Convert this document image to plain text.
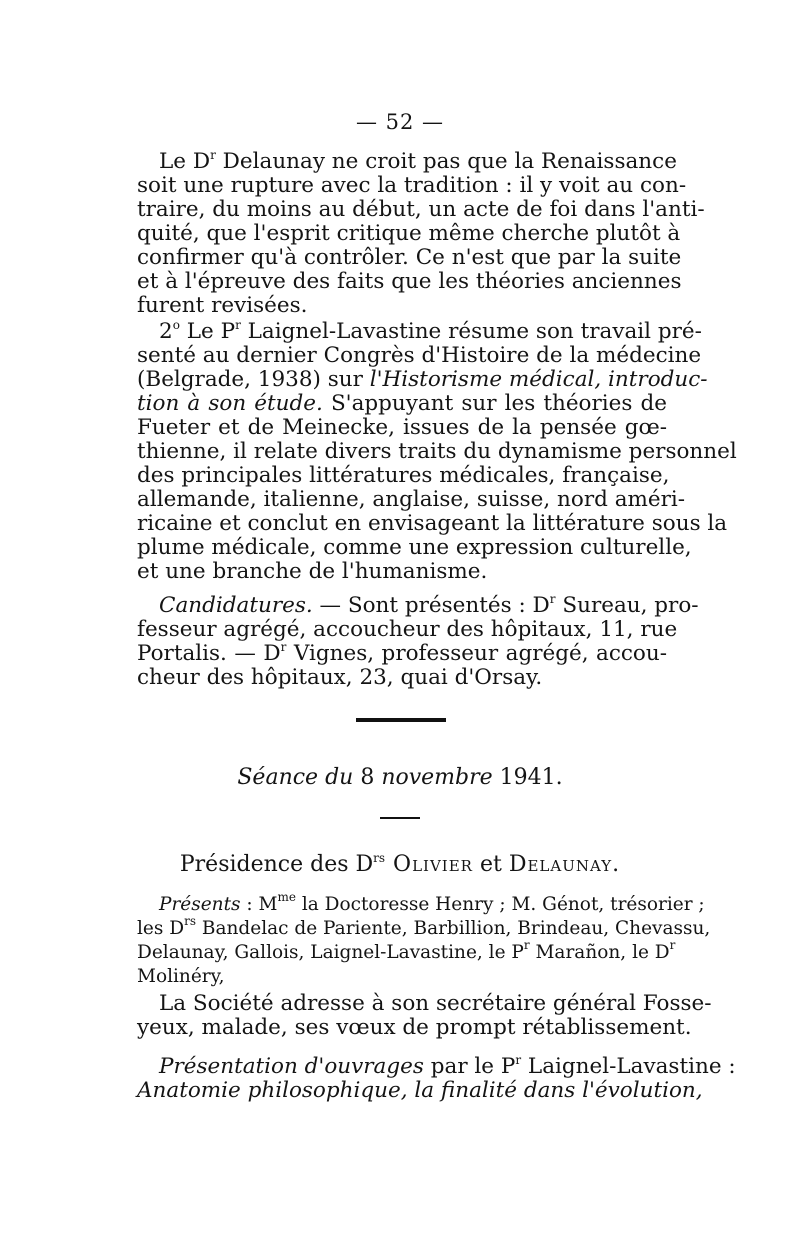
— 52 —
Le $D^r$ Delaunay ne croit pas que la Renaissance
soit une rupture avec la tradition : il y voit au con-
traire, du moins au début, un acte de foi dans l'anti-
quité, que l'esprit critique même cherche plutôt à
confirmer qu'à contrôler. Ce n'est que par la suite
et à l'épreuve des faits que les théories anciennes
furent revisées.
2$^o$ Le $P^r$ Laignel-Lavastine résume son travail pré-
senté au dernier Congrès d'Histoire de la médecine
(Belgrade, 1938) sur l'Historisme médical, introduc-
tion à son étude. S'appuyant sur les théories de
Fueter et de Meinecke, issues de la pensée gœ-
thienne, il relate divers traits du dynamisme personnel
des principales littératures médicales, française,
allemande, italienne, anglaise, suisse, nord améri-
ricaine et conclut en envisageant la littérature sous la
plume médicale, comme une expression culturelle,
et une branche de l'humanisme.
Candidatures. — Sont présentés : $D^r$ Sureau, pro-
fesseur agrégé, accoucheur des hôpitaux, 11, rue
Portalis. — $D^r$ Vignes, professeur agrégé, accou-
cheur des hôpitaux, 23, quai d'Orsay.
Séance du 8 novembre 1941.
Présidence des $D^{rs}$ Olivier et Delaunay.
Présents : $M^{me}$ la Doctoresse Henry ; M. Génot, trésorier ;
les $D^{rs}$ Bandelac de Pariente, Barbillion, Brindeau, Chevassu,
Delaunay, Gallois, Laignel-Lavastine, le $P^r$ Marañon, le $D^r$
Molinéry,
La Société adresse à son secrétaire général Fosse-
yeux, malade, ses vœux de prompt rétablissement.
Présentation d'ouvrages par le $P^r$ Laignel-Lavastine :
Anatomie philosophique, la finalité dans l'évolution,
